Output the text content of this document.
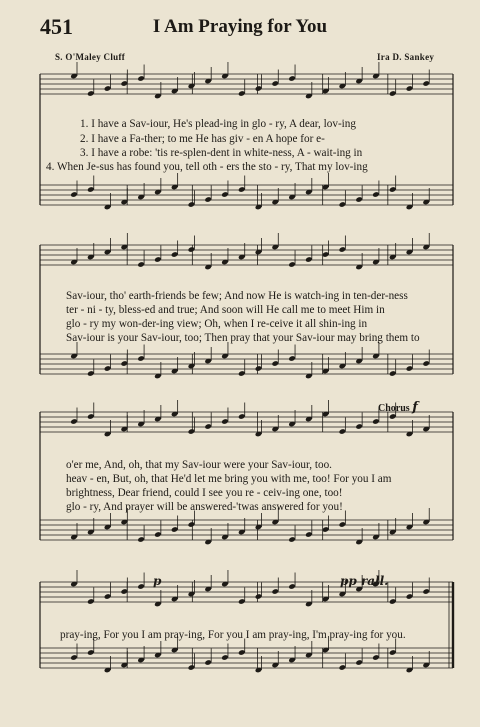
451	I Am Praying for You
S. O'Maley Cluff	Ira D. Sankey
1. I have a Sav-iour, He's plead-ing in glo - ry, A dear, lov-ing
2. I have a Fa-ther; to me He has giv - en A hope for e-
3. I have a robe: 'tis re-splen-dent in white-ness, A - wait-ing in
4. When Je-sus has found you, tell oth - ers the sto - ry, That my lov-ing
Sav-iour, tho' earth-friends be few; And now He is watch-ing in ten-der-ness
ter - ni - ty, bless-ed and true; And soon will He call me to meet Him in
glo - ry my won-der-ing view; Oh, when I re-ceive it all shin-ing in
Sav-iour is your Sav-iour, too; Then pray that your Sav-iour may bring them to
Chorus f
o'er me, And, oh, that my Sav-iour were your Sav-iour, too.
heav - en, But, oh, that He'd let me bring you with me, too! For you I am
brightness, Dear friend, could I see you re - ceiv-ing one, too!
glo - ry, And prayer will be answered-'twas answered for you!
p	pp rall.
pray-ing, For you I am pray-ing, For you I am pray-ing, I'm pray-ing for you.
